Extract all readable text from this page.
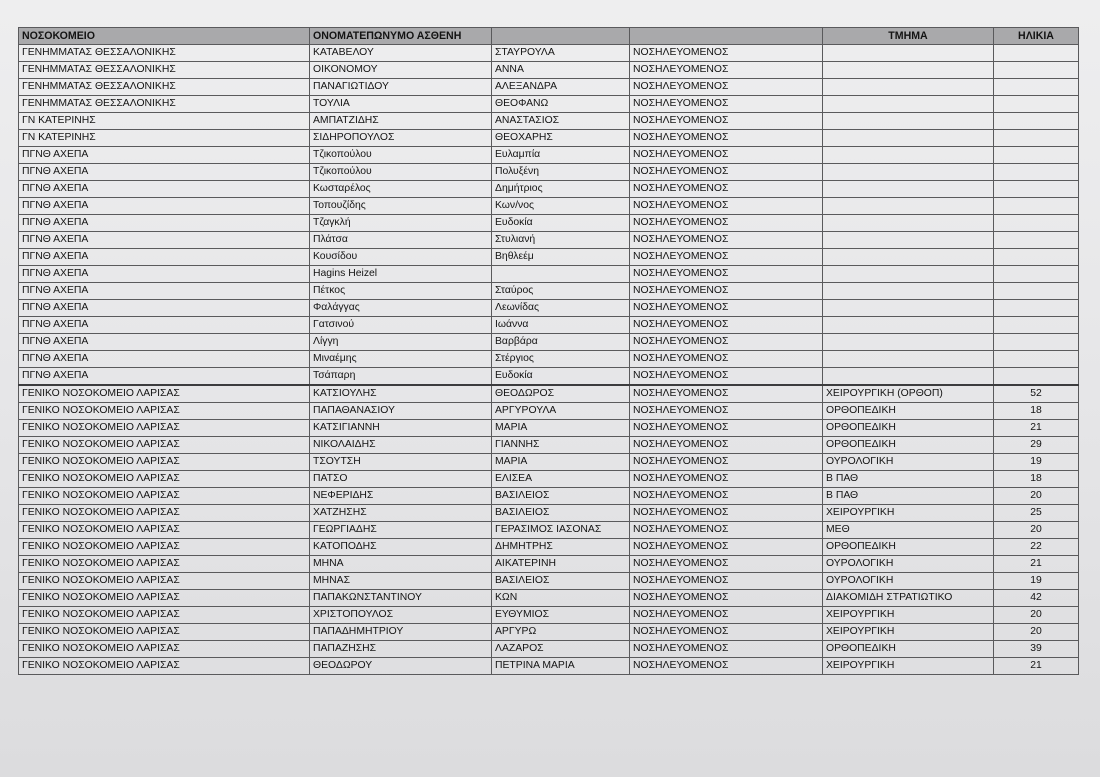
ΝΟΣΟΚΟΜΕΙΟ	ΟΝΟΜΑΤΕΠΩΝΥΜΟ ΑΣΘΕΝΗ			ΤΜΗΜΑ	ΗΛΙΚΙΑ
ΓΕΝΗΜΜΑΤΑΣ ΘΕΣΣΑΛΟΝΙΚΗΣ	ΚΑΤΑΒΕΛΟΥ	ΣΤΑΥΡΟΥΛΑ	ΝΟΣΗΛΕΥΟΜΕΝΟΣ		
ΓΕΝΗΜΜΑΤΑΣ ΘΕΣΣΑΛΟΝΙΚΗΣ	ΟΙΚΟΝΟΜΟΥ	ΑΝΝΑ	ΝΟΣΗΛΕΥΟΜΕΝΟΣ		
ΓΕΝΗΜΜΑΤΑΣ ΘΕΣΣΑΛΟΝΙΚΗΣ	ΠΑΝΑΓΙΩΤΙΔΟΥ	ΑΛΕΞΑΝΔΡΑ	ΝΟΣΗΛΕΥΟΜΕΝΟΣ		
ΓΕΝΗΜΜΑΤΑΣ ΘΕΣΣΑΛΟΝΙΚΗΣ	ΤΟΥΛΙΑ	ΘΕΟΦΑΝΩ	ΝΟΣΗΛΕΥΟΜΕΝΟΣ		
ΓΝ ΚΑΤΕΡΙΝΗΣ	ΑΜΠΑΤΖΙΔΗΣ	ΑΝΑΣΤΑΣΙΟΣ	ΝΟΣΗΛΕΥΟΜΕΝΟΣ		
ΓΝ ΚΑΤΕΡΙΝΗΣ	ΣΙΔΗΡΟΠΟΥΛΟΣ	ΘΕΟΧΑΡΗΣ	ΝΟΣΗΛΕΥΟΜΕΝΟΣ		
ΠΓΝΘ ΑΧΕΠΑ	Τζικοπούλου	Ευλαμπία	ΝΟΣΗΛΕΥΟΜΕΝΟΣ		
ΠΓΝΘ ΑΧΕΠΑ	Τζικοπούλου	Πολυξένη	ΝΟΣΗΛΕΥΟΜΕΝΟΣ		
ΠΓΝΘ ΑΧΕΠΑ	Κωσταρέλος	Δημήτριος	ΝΟΣΗΛΕΥΟΜΕΝΟΣ		
ΠΓΝΘ ΑΧΕΠΑ	Τοπουζίδης	Κων/νος	ΝΟΣΗΛΕΥΟΜΕΝΟΣ		
ΠΓΝΘ ΑΧΕΠΑ	Τζαγκλή	Ευδοκία	ΝΟΣΗΛΕΥΟΜΕΝΟΣ		
ΠΓΝΘ ΑΧΕΠΑ	Πλάτσα	Στυλιανή	ΝΟΣΗΛΕΥΟΜΕΝΟΣ		
ΠΓΝΘ ΑΧΕΠΑ	Κουσίδου	Βηθλεέμ	ΝΟΣΗΛΕΥΟΜΕΝΟΣ		
ΠΓΝΘ ΑΧΕΠΑ	Hagins Heizel		ΝΟΣΗΛΕΥΟΜΕΝΟΣ		
ΠΓΝΘ ΑΧΕΠΑ	Πέτκος	Σταύρος	ΝΟΣΗΛΕΥΟΜΕΝΟΣ		
ΠΓΝΘ ΑΧΕΠΑ	Φαλάγγας	Λεωνίδας	ΝΟΣΗΛΕΥΟΜΕΝΟΣ		
ΠΓΝΘ ΑΧΕΠΑ	Γατσινού	Ιωάννα	ΝΟΣΗΛΕΥΟΜΕΝΟΣ		
ΠΓΝΘ ΑΧΕΠΑ	Λίγγη	Βαρβάρα	ΝΟΣΗΛΕΥΟΜΕΝΟΣ		
ΠΓΝΘ ΑΧΕΠΑ	Μιναέμης	Στέργιος	ΝΟΣΗΛΕΥΟΜΕΝΟΣ		
ΠΓΝΘ ΑΧΕΠΑ	Τσάπαρη	Ευδοκία	ΝΟΣΗΛΕΥΟΜΕΝΟΣ		
ΓΕΝΙΚΟ ΝΟΣΟΚΟΜΕΙΟ ΛΑΡΙΣΑΣ	ΚΑΤΣΙΟΥΛΗΣ	ΘΕΟΔΩΡΟΣ	ΝΟΣΗΛΕΥΟΜΕΝΟΣ	ΧΕΙΡΟΥΡΓΙΚΗ (ΟΡΘΟΠ)	52
ΓΕΝΙΚΟ ΝΟΣΟΚΟΜΕΙΟ ΛΑΡΙΣΑΣ	ΠΑΠΑΘΑΝΑΣΙΟΥ	ΑΡΓΥΡΟΥΛΑ	ΝΟΣΗΛΕΥΟΜΕΝΟΣ	ΟΡΘΟΠΕΔΙΚΗ	18
ΓΕΝΙΚΟ ΝΟΣΟΚΟΜΕΙΟ ΛΑΡΙΣΑΣ	ΚΑΤΣΙΓΙΑΝΝΗ	ΜΑΡΙΑ	ΝΟΣΗΛΕΥΟΜΕΝΟΣ	ΟΡΘΟΠΕΔΙΚΗ	21
ΓΕΝΙΚΟ ΝΟΣΟΚΟΜΕΙΟ ΛΑΡΙΣΑΣ	ΝΙΚΟΛΑΙΔΗΣ	ΓΙΑΝΝΗΣ	ΝΟΣΗΛΕΥΟΜΕΝΟΣ	ΟΡΘΟΠΕΔΙΚΗ	29
ΓΕΝΙΚΟ ΝΟΣΟΚΟΜΕΙΟ ΛΑΡΙΣΑΣ	ΤΣΟΥΤΣΗ	ΜΑΡΙΑ	ΝΟΣΗΛΕΥΟΜΕΝΟΣ	ΟΥΡΟΛΟΓΙΚΗ	19
ΓΕΝΙΚΟ ΝΟΣΟΚΟΜΕΙΟ ΛΑΡΙΣΑΣ	ΠΑΤΣΟ	ΕΛΙΣΕΑ	ΝΟΣΗΛΕΥΟΜΕΝΟΣ	Β ΠΑΘ	18
ΓΕΝΙΚΟ ΝΟΣΟΚΟΜΕΙΟ ΛΑΡΙΣΑΣ	ΝΕΦΕΡΙΔΗΣ	ΒΑΣΙΛΕΙΟΣ	ΝΟΣΗΛΕΥΟΜΕΝΟΣ	Β ΠΑΘ	20
ΓΕΝΙΚΟ ΝΟΣΟΚΟΜΕΙΟ ΛΑΡΙΣΑΣ	ΧΑΤΖΗΣΗΣ	ΒΑΣΙΛΕΙΟΣ	ΝΟΣΗΛΕΥΟΜΕΝΟΣ	ΧΕΙΡΟΥΡΓΙΚΗ	25
ΓΕΝΙΚΟ ΝΟΣΟΚΟΜΕΙΟ ΛΑΡΙΣΑΣ	ΓΕΩΡΓΙΑΔΗΣ	ΓΕΡΑΣΙΜΟΣ ΙΑΣΟΝΑΣ	ΝΟΣΗΛΕΥΟΜΕΝΟΣ	ΜΕΘ	20
ΓΕΝΙΚΟ ΝΟΣΟΚΟΜΕΙΟ ΛΑΡΙΣΑΣ	ΚΑΤΟΠΟΔΗΣ	ΔΗΜΗΤΡΗΣ	ΝΟΣΗΛΕΥΟΜΕΝΟΣ	ΟΡΘΟΠΕΔΙΚΗ	22
ΓΕΝΙΚΟ ΝΟΣΟΚΟΜΕΙΟ ΛΑΡΙΣΑΣ	ΜΗΝΑ	ΑΙΚΑΤΕΡΙΝΗ	ΝΟΣΗΛΕΥΟΜΕΝΟΣ	ΟΥΡΟΛΟΓΙΚΗ	21
ΓΕΝΙΚΟ ΝΟΣΟΚΟΜΕΙΟ ΛΑΡΙΣΑΣ	ΜΗΝΑΣ	ΒΑΣΙΛΕΙΟΣ	ΝΟΣΗΛΕΥΟΜΕΝΟΣ	ΟΥΡΟΛΟΓΙΚΗ	19
ΓΕΝΙΚΟ ΝΟΣΟΚΟΜΕΙΟ ΛΑΡΙΣΑΣ	ΠΑΠΑΚΩΝΣΤΑΝΤΙΝΟΥ	ΚΩΝ	ΝΟΣΗΛΕΥΟΜΕΝΟΣ	ΔΙΑΚΟΜΙΔΗ ΣΤΡΑΤΙΩΤΙΚΟ	42
ΓΕΝΙΚΟ ΝΟΣΟΚΟΜΕΙΟ ΛΑΡΙΣΑΣ	ΧΡΙΣΤΟΠΟΥΛΟΣ	ΕΥΘΥΜΙΟΣ	ΝΟΣΗΛΕΥΟΜΕΝΟΣ	ΧΕΙΡΟΥΡΓΙΚΗ	20
ΓΕΝΙΚΟ ΝΟΣΟΚΟΜΕΙΟ ΛΑΡΙΣΑΣ	ΠΑΠΑΔΗΜΗΤΡΙΟΥ	ΑΡΓΥΡΩ	ΝΟΣΗΛΕΥΟΜΕΝΟΣ	ΧΕΙΡΟΥΡΓΙΚΗ	20
ΓΕΝΙΚΟ ΝΟΣΟΚΟΜΕΙΟ ΛΑΡΙΣΑΣ	ΠΑΠΑΖΗΣΗΣ	ΛΑΖΑΡΟΣ	ΝΟΣΗΛΕΥΟΜΕΝΟΣ	ΟΡΘΟΠΕΔΙΚΗ	39
ΓΕΝΙΚΟ ΝΟΣΟΚΟΜΕΙΟ ΛΑΡΙΣΑΣ	ΘΕΟΔΩΡΟΥ	ΠΕΤΡΙΝΑ ΜΑΡΙΑ	ΝΟΣΗΛΕΥΟΜΕΝΟΣ	ΧΕΙΡΟΥΡΓΙΚΗ	21
